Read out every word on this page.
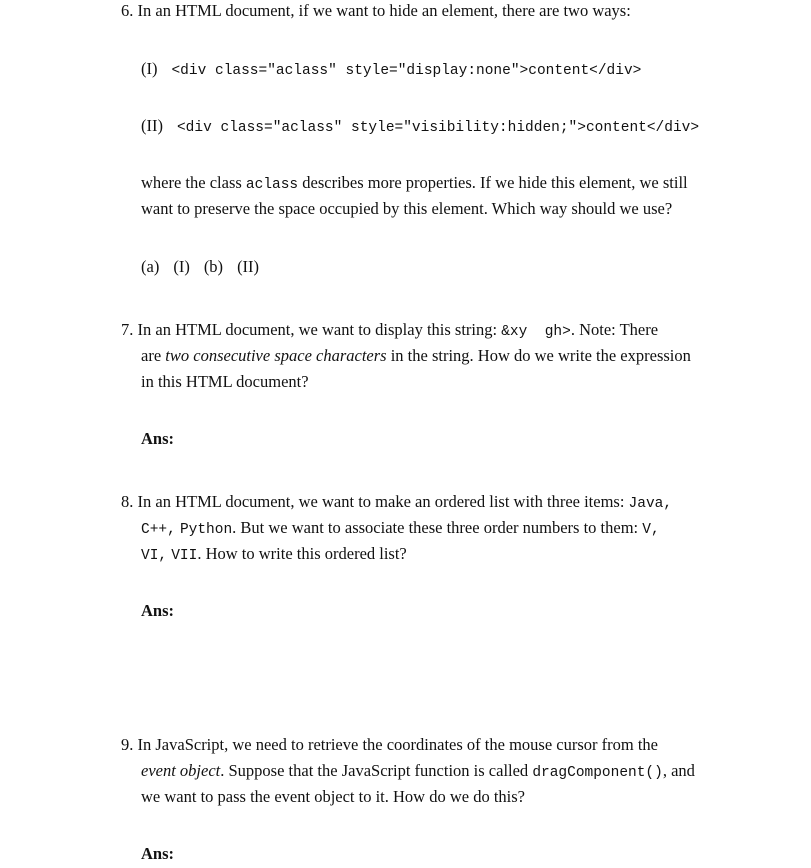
6. In an HTML document, if we want to hide an element, there are two ways:
(I) <div class="aclass" style="display:none">content</div>
(II) <div class="aclass" style="visibility:hidden;">content</div>
where the class aclass describes more properties. If we hide this element, we still
want to preserve the space occupied by this element. Which way should we use?
(a) (I) (b) (II)
7. In an HTML document, we want to display this string: &xy  gh>. Note: There
are two consecutive space characters in the string. How do we write the expression
in this HTML document?
Ans:
8. In an HTML document, we want to make an ordered list with three items: Java,
C++, Python. But we want to associate these three order numbers to them: V,
VI, VII. How to write this ordered list?
Ans:
9. In JavaScript, we need to retrieve the coordinates of the mouse cursor from the
event object. Suppose that the JavaScript function is called dragComponent(), and
we want to pass the event object to it. How do we do this?
Ans:
